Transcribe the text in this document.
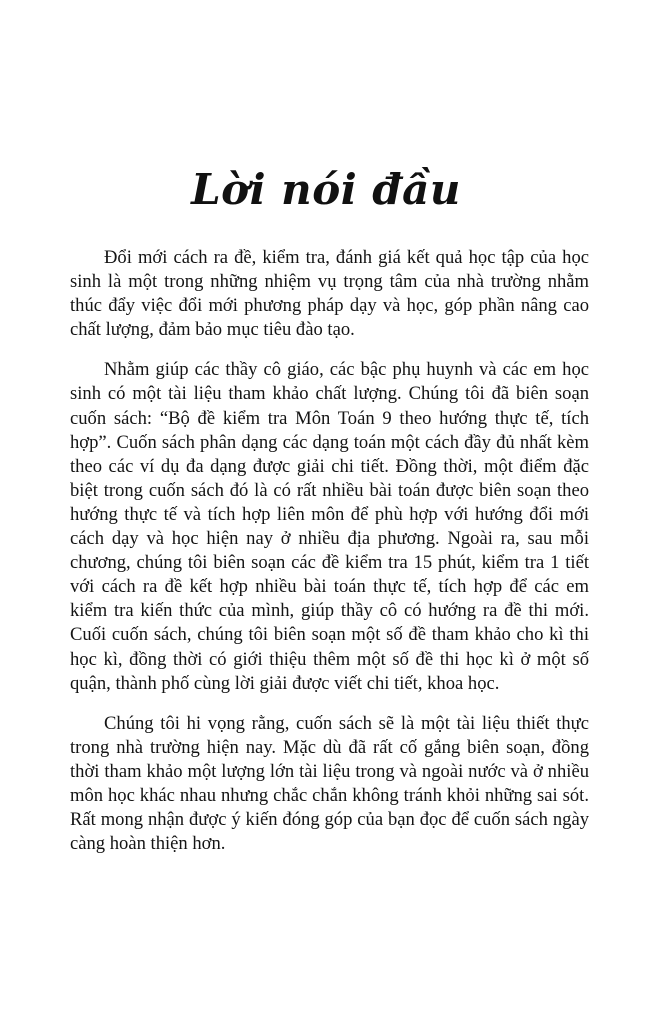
Lời nói đầu

Đổi mới cách ra đề, kiểm tra, đánh giá kết quả học tập của học sinh là một trong những nhiệm vụ trọng tâm của nhà trường nhằm thúc đẩy việc đổi mới phương pháp dạy và học, góp phần nâng cao chất lượng, đảm bảo mục tiêu đào tạo.

Nhằm giúp các thầy cô giáo, các bậc phụ huynh và các em học sinh có một tài liệu tham khảo chất lượng. Chúng tôi đã biên soạn cuốn sách: “Bộ đề kiểm tra Môn Toán 9 theo hướng thực tế, tích hợp”. Cuốn sách phân dạng các dạng toán một cách đầy đủ nhất kèm theo các ví dụ đa dạng được giải chi tiết. Đồng thời, một điểm đặc biệt trong cuốn sách đó là có rất nhiều bài toán được biên soạn theo hướng thực tế và tích hợp liên môn để phù hợp với hướng đổi mới cách dạy và học hiện nay ở nhiều địa phương. Ngoài ra, sau mỗi chương, chúng tôi biên soạn các đề kiểm tra 15 phút, kiểm tra 1 tiết với cách ra đề kết hợp nhiều bài toán thực tế, tích hợp để các em kiểm tra kiến thức của mình, giúp thầy cô có hướng ra đề thi mới. Cuối cuốn sách, chúng tôi biên soạn một số đề tham khảo cho kì thi học kì, đồng thời có giới thiệu thêm một số đề thi học kì ở một số quận, thành phố cùng lời giải được viết chi tiết, khoa học.

Chúng tôi hi vọng rằng, cuốn sách sẽ là một tài liệu thiết thực trong nhà trường hiện nay. Mặc dù đã rất cố gắng biên soạn, đồng thời tham khảo một lượng lớn tài liệu trong và ngoài nước và ở nhiều môn học khác nhau nhưng chắc chắn không tránh khỏi những sai sót. Rất mong nhận được ý kiến đóng góp của bạn đọc để cuốn sách ngày càng hoàn thiện hơn.
